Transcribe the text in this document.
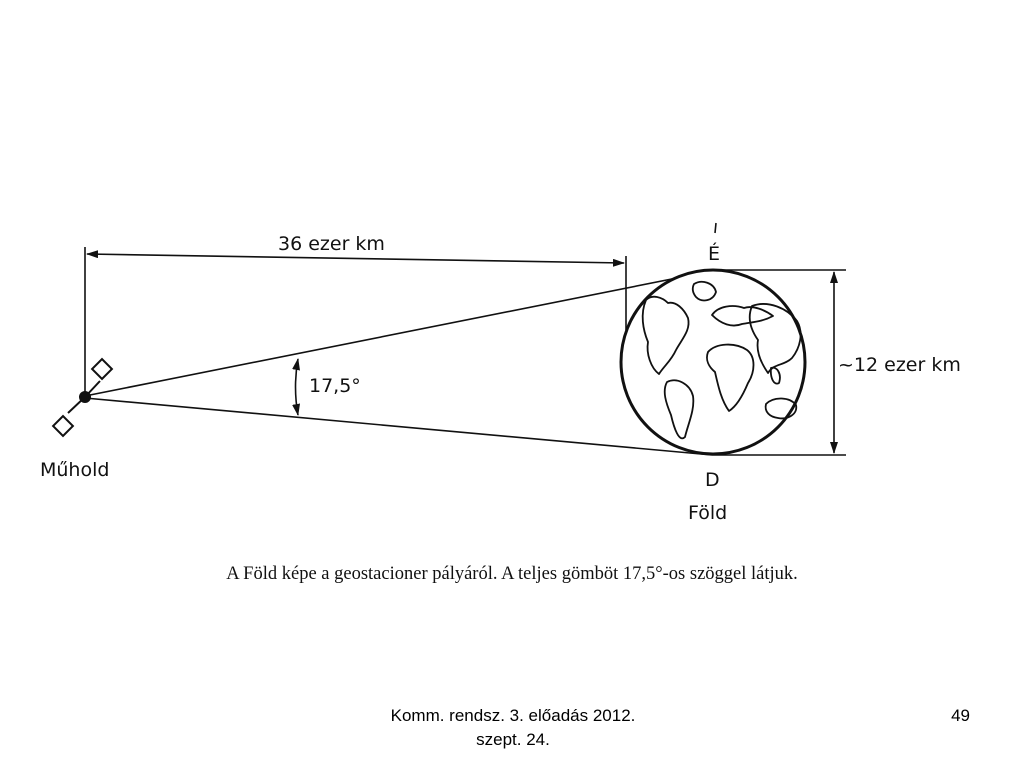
36 ezer km
17,5°
~12 ezer km
Műhold
Föld
É
D
A Föld képe a geostacioner pályáról. A teljes gömböt 17,5°-os szöggel látjuk.
Komm. rendsz. 3. előadás 2012.
szept. 24.
49
